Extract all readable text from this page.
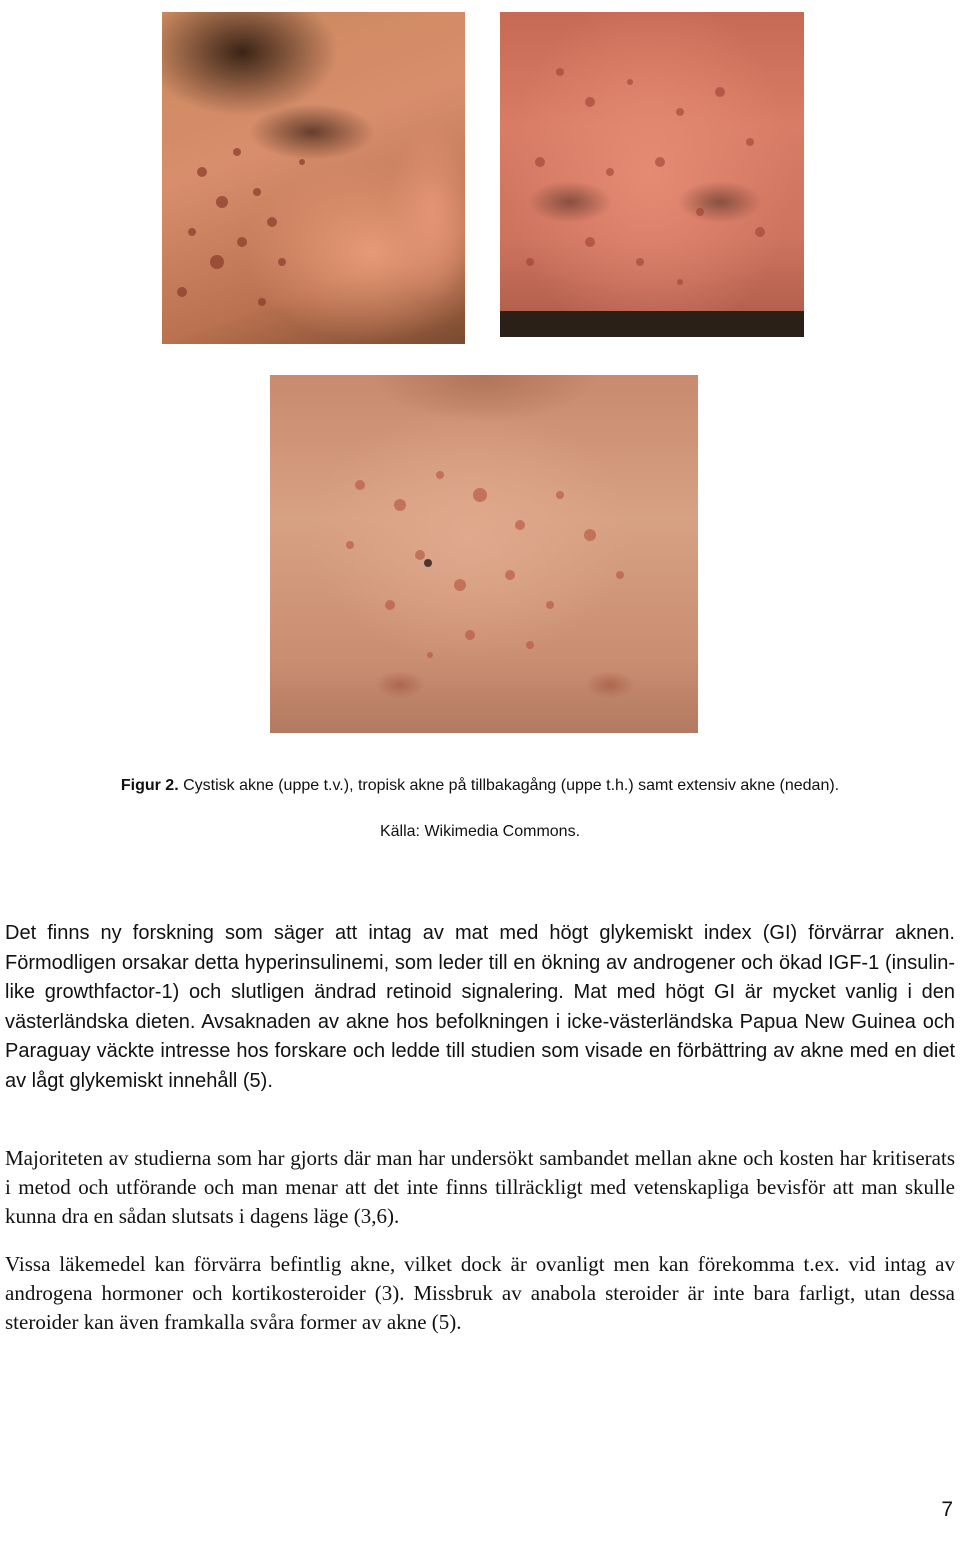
Figur 2. Cystisk akne (uppe t.v.), tropisk akne på tillbakagång (uppe t.h.) samt extensiv akne (nedan).
Källa: Wikimedia Commons.

Det finns ny forskning som säger att intag av mat med högt glykemiskt index (GI) förvärrar aknen. Förmodligen orsakar detta hyperinsulinemi, som leder till en ökning av androgener och ökad IGF-1 (insulin-like growthfactor-1) och slutligen ändrad retinoid signalering. Mat med högt GI är mycket vanlig i den västerländska dieten. Avsaknaden av akne hos befolkningen i icke-västerländska Papua New Guinea och Paraguay väckte intresse hos forskare och ledde till studien som visade en förbättring av akne med en diet av lågt glykemiskt innehåll (5).

Majoriteten av studierna som har gjorts där man har undersökt sambandet mellan akne och kosten har kritiserats i metod och utförande och man menar att det inte finns tillräckligt med vetenskapliga bevisför att man skulle kunna dra en sådan slutsats i dagens läge (3,6).

Vissa läkemedel kan förvärra befintlig akne, vilket dock är ovanligt men kan förekomma t.ex. vid intag av androgena hormoner och kortikosteroider (3). Missbruk av anabola steroider är inte bara farligt, utan dessa steroider kan även framkalla svåra former av akne (5).

7
